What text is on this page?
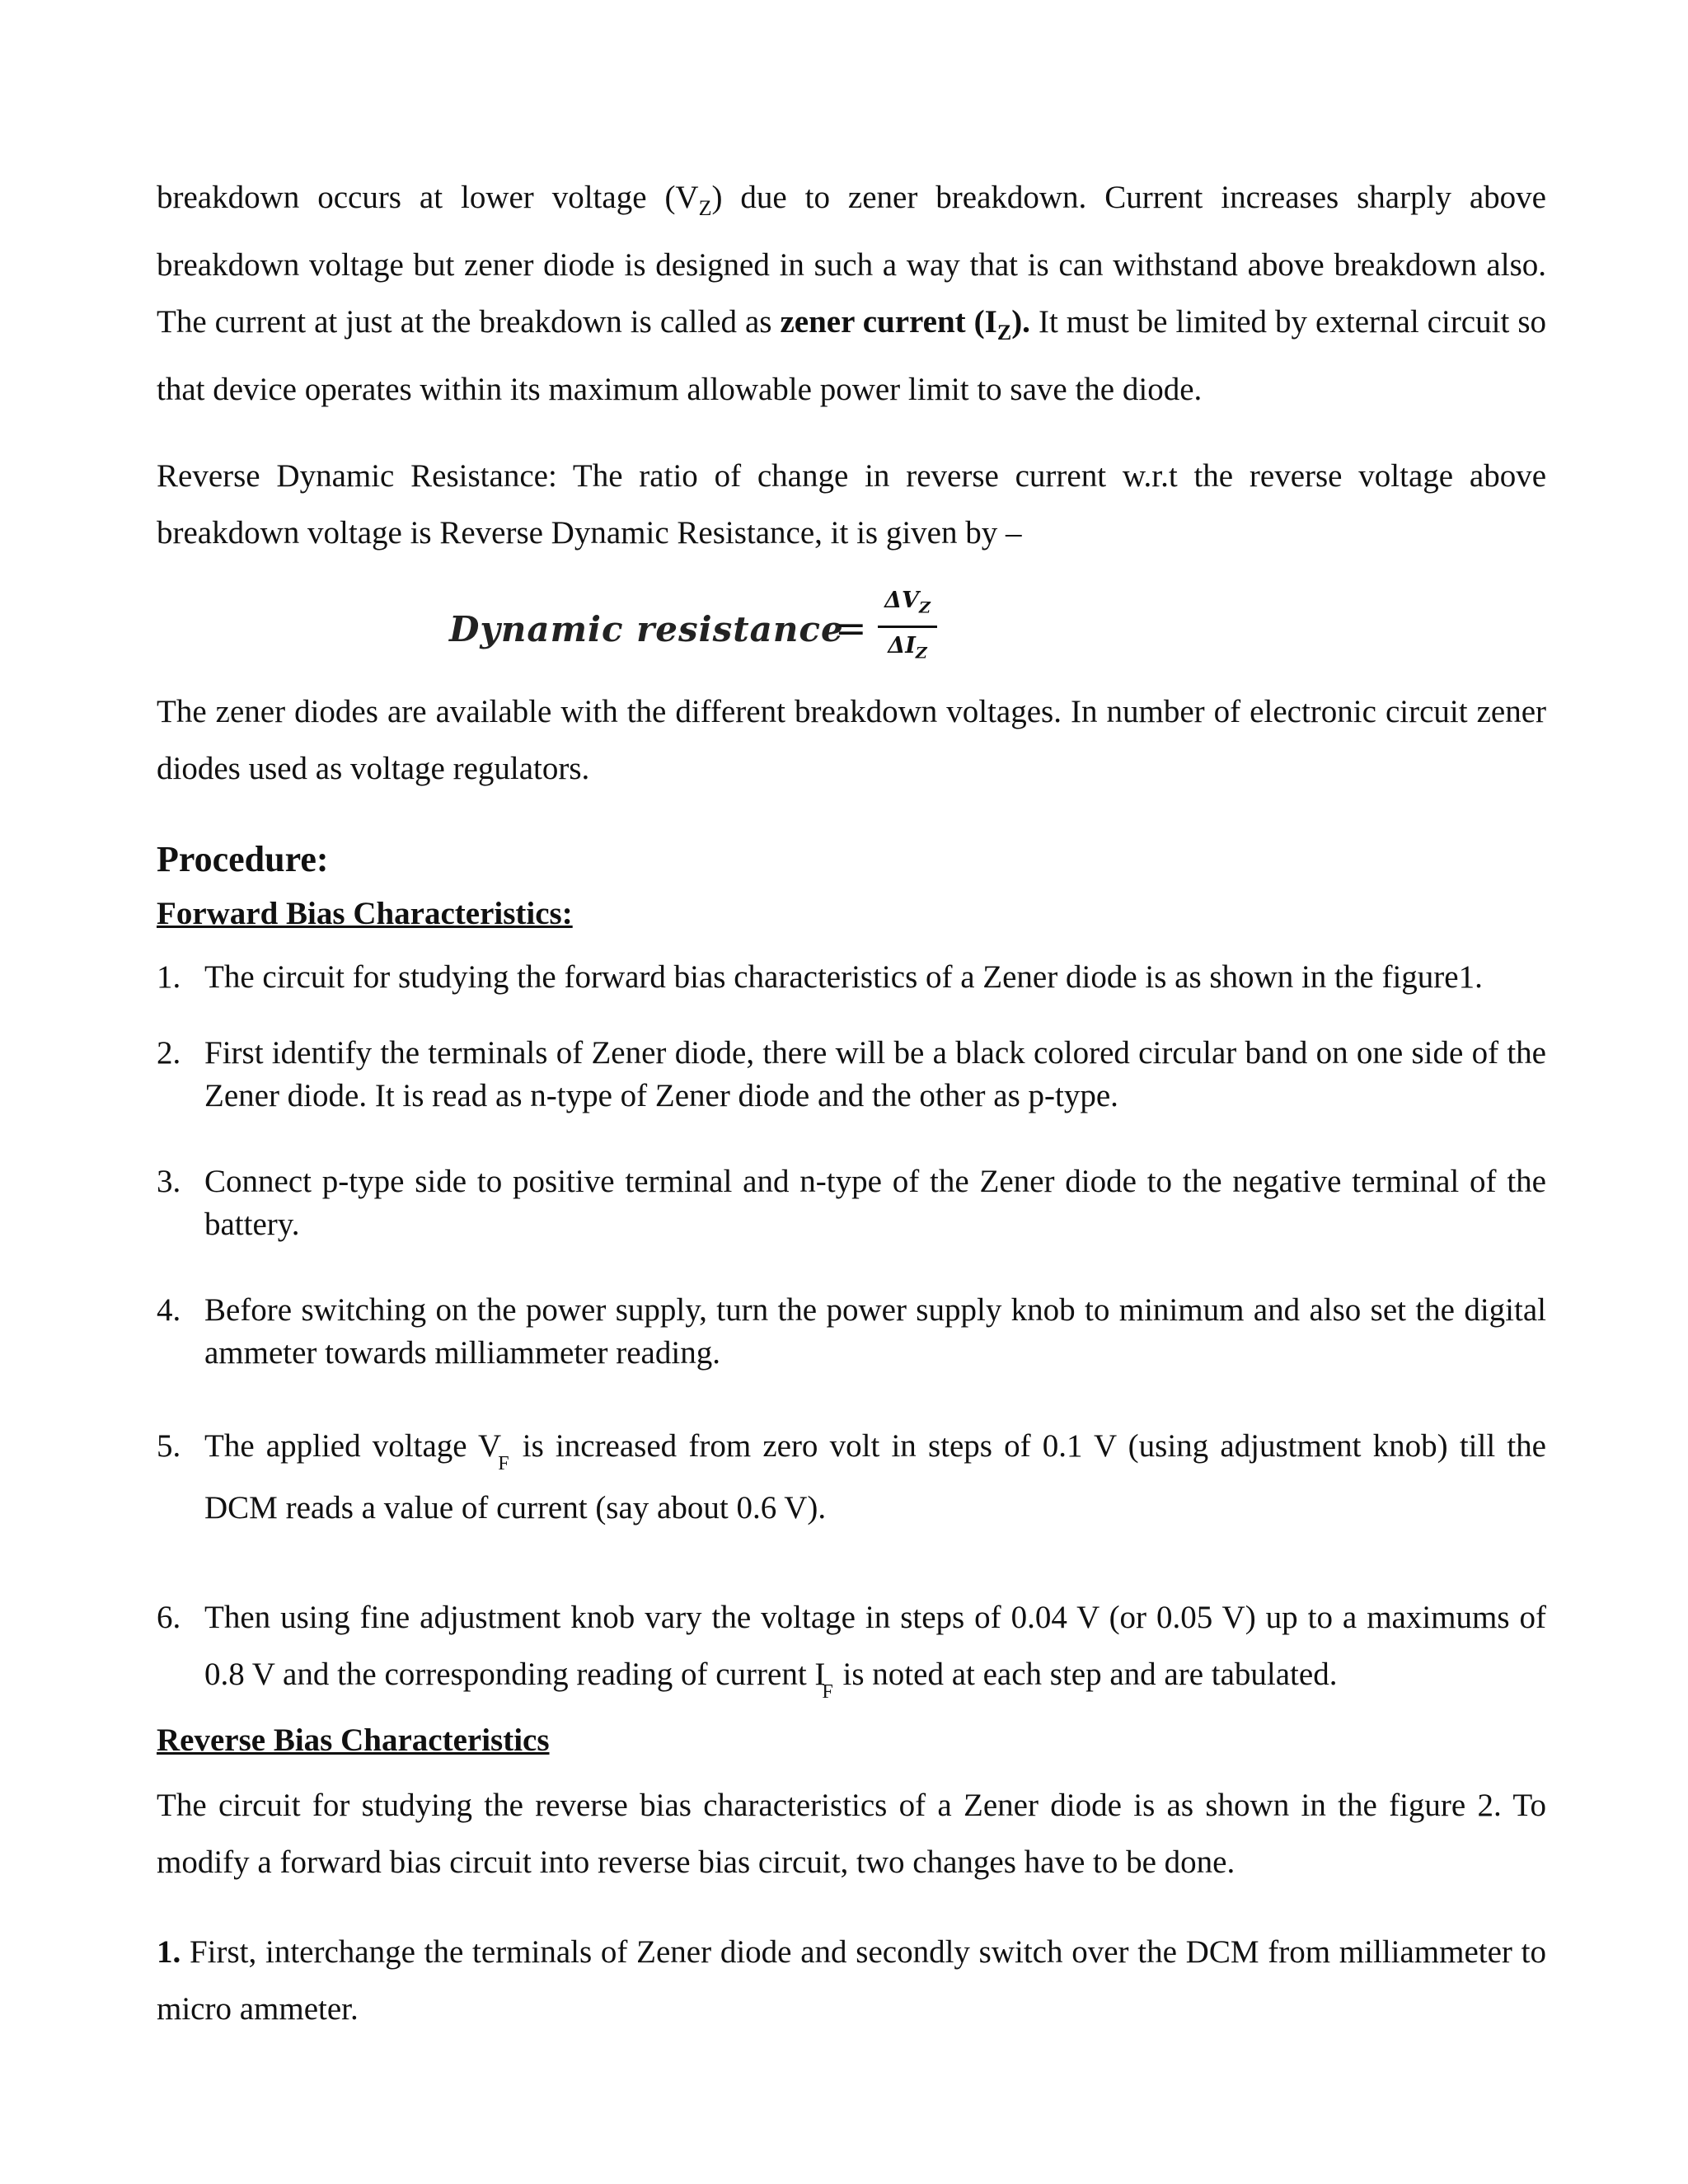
breakdown occurs at lower voltage $(V_Z)$ due to zener breakdown. Current increases sharply above breakdown voltage but zener diode is designed in such a way that is can withstand above breakdown also. The current at just at the breakdown is called as zener current $(I_Z)$. It must be limited by external circuit so that device operates within its maximum allowable power limit to save the diode.

Reverse Dynamic Resistance: The ratio of change in reverse current w.r.t the reverse voltage above breakdown voltage is Reverse Dynamic Resistance, it is given by –

Dynamic resistance
=
$\Delta V_Z$
$\Delta I_Z$

The zener diodes are available with the different breakdown voltages. In number of electronic circuit zener diodes used as voltage regulators.

Procedure:
Forward Bias Characteristics:
1. The circuit for studying the forward bias characteristics of a Zener diode is as shown in the figure1.
2. First identify the terminals of Zener diode, there will be a black colored circular band on one side of the Zener diode. It is read as n-type of Zener diode and the other as p-type.
3. Connect p-type side to positive terminal and n-type of the Zener diode to the negative terminal of the battery.
4. Before switching on the power supply, turn the power supply knob to minimum and also set the digital ammeter towards milliammeter reading.
5. The applied voltage $V_F$ is increased from zero volt in steps of 0.1 V (using adjustment knob) till the DCM reads a value of current (say about 0.6 V).
6. Then using fine adjustment knob vary the voltage in steps of 0.04 V (or 0.05 V) up to a maximums of 0.8 V and the corresponding reading of current $I_F$ is noted at each step and are tabulated.
Reverse Bias Characteristics

The circuit for studying the reverse bias characteristics of a Zener diode is as shown in the figure 2. To modify a forward bias circuit into reverse bias circuit, two changes have to be done.

1. First, interchange the terminals of Zener diode and secondly switch over the DCM from milliammeter to micro ammeter.
